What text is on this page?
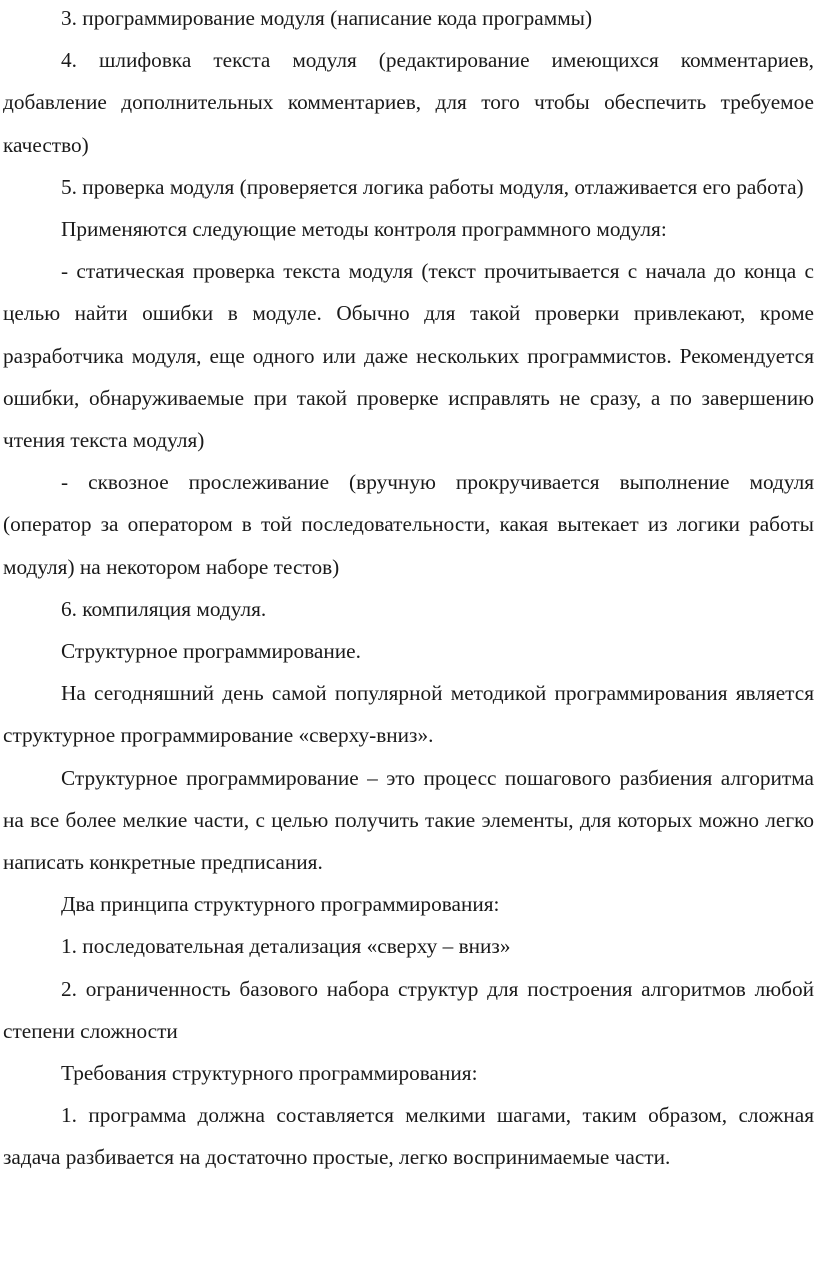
3. программирование модуля (написание кода программы)

4. шлифовка текста модуля (редактирование имеющихся комментариев, добавление дополнительных комментариев, для того чтобы обеспечить требуемое качество)

5. проверка модуля (проверяется логика работы модуля, отлаживается его работа)

Применяются следующие методы контроля программного модуля:

- статическая проверка текста модуля (текст прочитывается с начала до конца с целью найти ошибки в модуле. Обычно для такой проверки привлекают, кроме разработчика модуля, еще одного или даже нескольких программистов. Рекомендуется ошибки, обнаруживаемые при такой проверке исправлять не сразу, а по завершению чтения текста модуля)

- сквозное прослеживание (вручную прокручивается выполнение модуля (оператор за оператором в той последовательности, какая вытекает из логики работы модуля) на некотором наборе тестов)

6. компиляция модуля.

Структурное программирование.

На сегодняшний день самой популярной методикой программирования является структурное программирование «сверху-вниз».

Структурное программирование – это процесс пошагового разбиения алгоритма на все более мелкие части, с целью получить такие элементы, для которых можно легко написать конкретные предписания.

Два принципа структурного программирования:

1. последовательная детализация «сверху – вниз»

2. ограниченность базового набора структур для построения алгоритмов любой степени сложности

Требования структурного программирования:

1. программа должна составляется мелкими шагами, таким образом, сложная задача разбивается на достаточно простые, легко воспринимаемые части.
